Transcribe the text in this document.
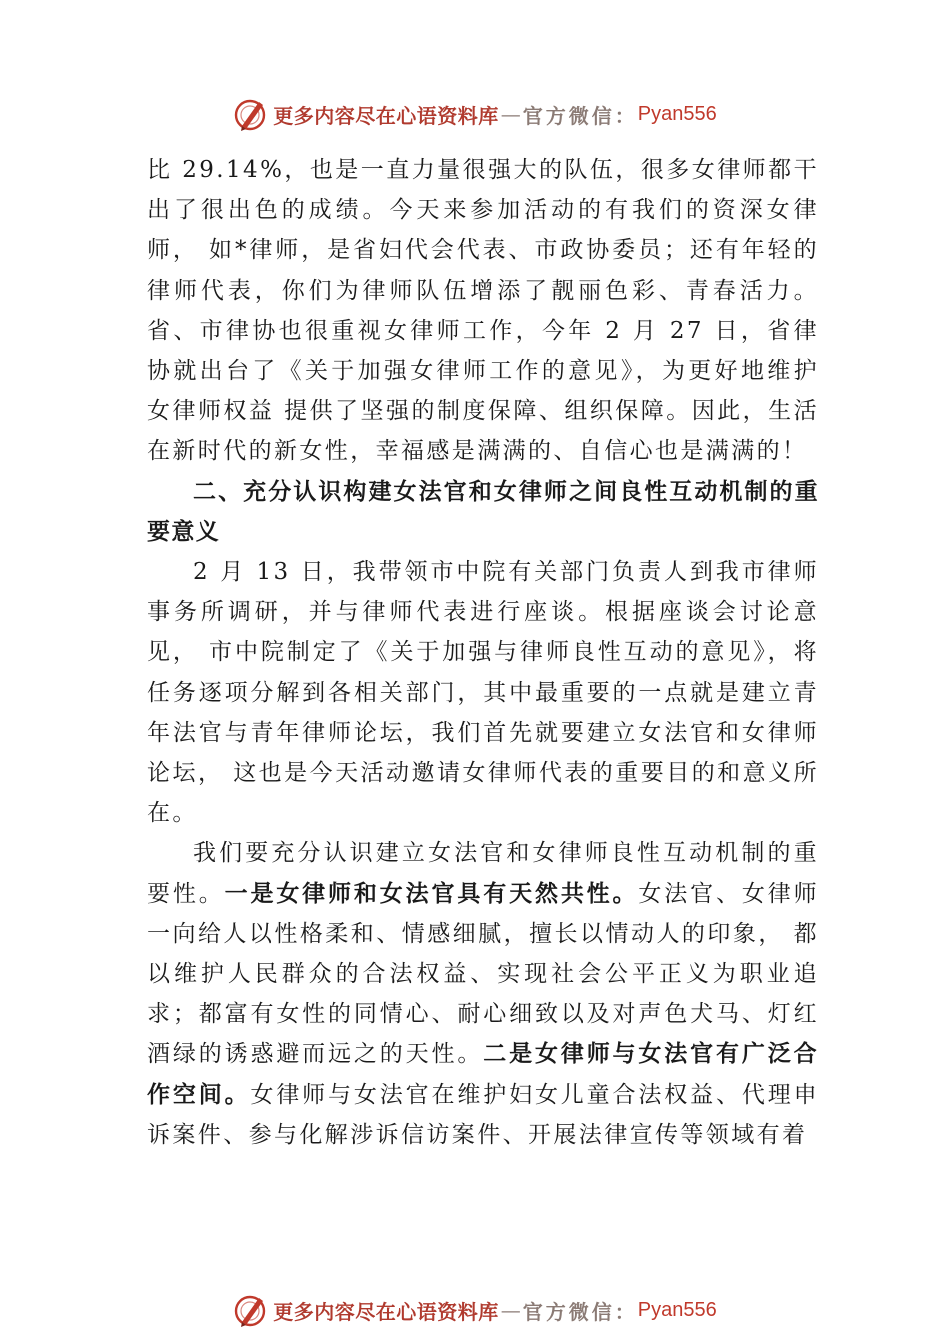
更多内容尽在心语资料库 — 官方微信： Pyan556

比 29.14%，也是一直力量很强大的队伍，很多女律师都干出了很出色的成绩。今天来参加活动的有我们的资深女律师， 如*律师，是省妇代会代表、市政协委员；还有年轻的律师代表，你们为律师队伍增添了靓丽色彩、青春活力。省、市律协也很重视女律师工作，今年 2 月 27 日，省律协就出台了《关于加强女律师工作的意见》，为更好地维护女律师权益 提供了坚强的制度保障、组织保障。因此，生活在新时代的新女性，幸福感是满满的、自信心也是满满的！

二、充分认识构建女法官和女律师之间良性互动机制的重要意义

2 月 13 日，我带领市中院有关部门负责人到我市律师事务所调研，并与律师代表进行座谈。根据座谈会讨论意见， 市中院制定了《关于加强与律师良性互动的意见》，将任务逐项分解到各相关部门，其中最重要的一点就是建立青年法官与青年律师论坛，我们首先就要建立女法官和女律师论坛， 这也是今天活动邀请女律师代表的重要目的和意义所在。

我们要充分认识建立女法官和女律师良性互动机制的重要性。一是女律师和女法官具有天然共性。女法官、女律师一向给人以性格柔和、情感细腻，擅长以情动人的印象， 都以维护人民群众的合法权益、实现社会公平正义为职业追求；都富有女性的同情心、耐心细致以及对声色犬马、灯红酒绿的诱惑避而远之的天性。二是女律师与女法官有广泛合作空间。女律师与女法官在维护妇女儿童合法权益、代理申诉案件、参与化解涉诉信访案件、开展法律宣传等领域有着

更多内容尽在心语资料库 — 官方微信： Pyan556
